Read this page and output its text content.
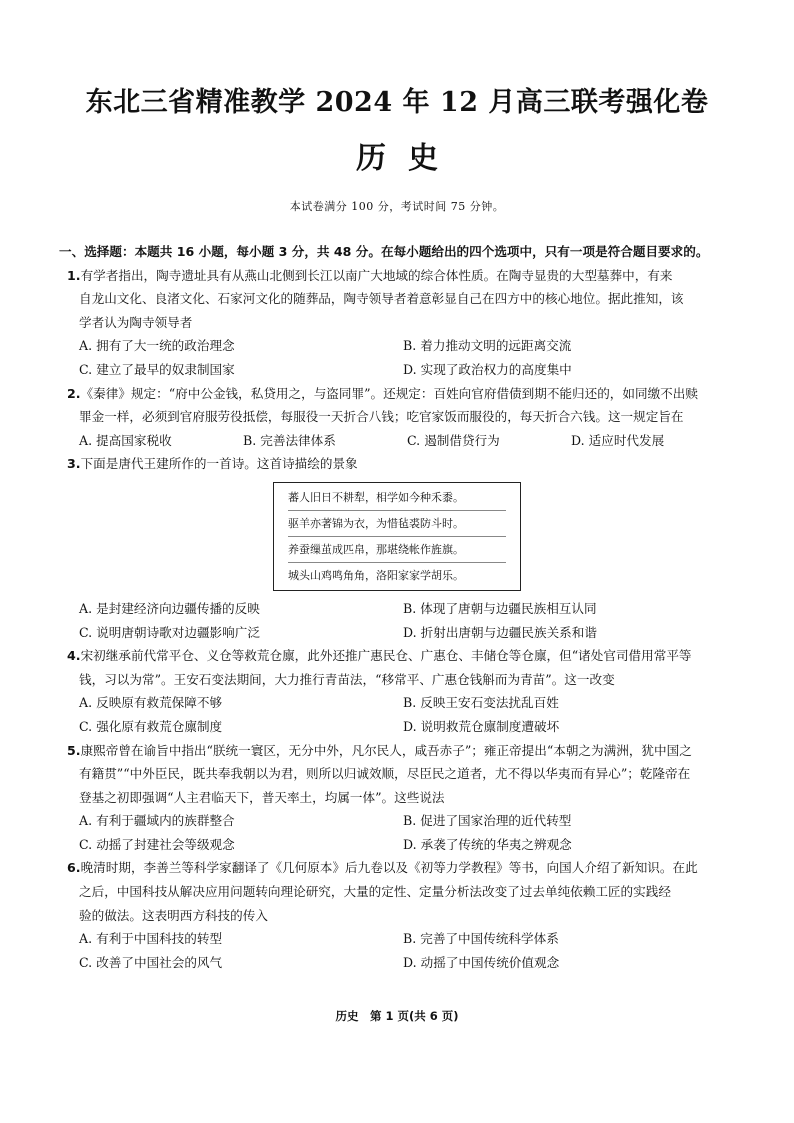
东北三省精准教学 2024 年 12 月高三联考强化卷
历史
本试卷满分 100 分，考试时间 75 分钟。
一、选择题：本题共 16 小题，每小题 3 分，共 48 分。在每小题给出的四个选项中，只有一项是符合题目要求的。
1.有学者指出，陶寺遗址具有从燕山北侧到长江以南广大地域的综合体性质。在陶寺显贵的大型墓葬中，有来
自龙山文化、良渚文化、石家河文化的随葬品，陶寺领导者着意彰显自己在四方中的核心地位。据此推知，该
学者认为陶寺领导者
A. 拥有了大一统的政治理念	B. 着力推动文明的远距离交流
C. 建立了最早的奴隶制国家	D. 实现了政治权力的高度集中
2.《秦律》规定：“府中公金钱，私贷用之，与盗同罪”。还规定：百姓向官府借债到期不能归还的，如同缴不出赎
罪金一样，必须到官府服劳役抵偿，每服役一天折合八钱；吃官家饭而服役的，每天折合六钱。这一规定旨在
A. 提高国家税收	B. 完善法律体系	C. 遏制借贷行为	D. 适应时代发展
3.下面是唐代王建所作的一首诗。这首诗描绘的景象
蕃人旧日不耕犁，相学如今种禾黍。
驱羊亦著锦为衣，为惜毡裘防斗时。
养蚕缫茧成匹帛，那堪绕帐作旌旗。
城头山鸡鸣角角，洛阳家家学胡乐。
A. 是封建经济向边疆传播的反映	B. 体现了唐朝与边疆民族相互认同
C. 说明唐朝诗歌对边疆影响广泛	D. 折射出唐朝与边疆民族关系和谐
4.宋初继承前代常平仓、义仓等救荒仓廪，此外还推广惠民仓、广惠仓、丰储仓等仓廪，但“诸处官司借用常平等
钱，习以为常”。王安石变法期间，大力推行青苗法，“移常平、广惠仓钱斛而为青苗”。这一改变
A. 反映原有救荒保障不够	B. 反映王安石变法扰乱百姓
C. 强化原有救荒仓廪制度	D. 说明救荒仓廪制度遭破坏
5.康熙帝曾在谕旨中指出“朕统一寰区，无分中外，凡尔民人，咸吾赤子”；雍正帝提出“本朝之为满洲，犹中国之
有籍贯”“中外臣民，既共奉我朝以为君，则所以归诚效顺，尽臣民之道者，尤不得以华夷而有异心”；乾隆帝在
登基之初即强调“人主君临天下，普天率土，均属一体”。这些说法
A. 有利于疆域内的族群整合	B. 促进了国家治理的近代转型
C. 动摇了封建社会等级观念	D. 承袭了传统的华夷之辨观念
6.晚清时期，李善兰等科学家翻译了《几何原本》后九卷以及《初等力学教程》等书，向国人介绍了新知识。在此
之后，中国科技从解决应用问题转向理论研究，大量的定性、定量分析法改变了过去单纯依赖工匠的实践经
验的做法。这表明西方科技的传入
A. 有利于中国科技的转型	B. 完善了中国传统科学体系
C. 改善了中国社会的风气	D. 动摇了中国传统价值观念
历史　第 1 页(共 6 页)
